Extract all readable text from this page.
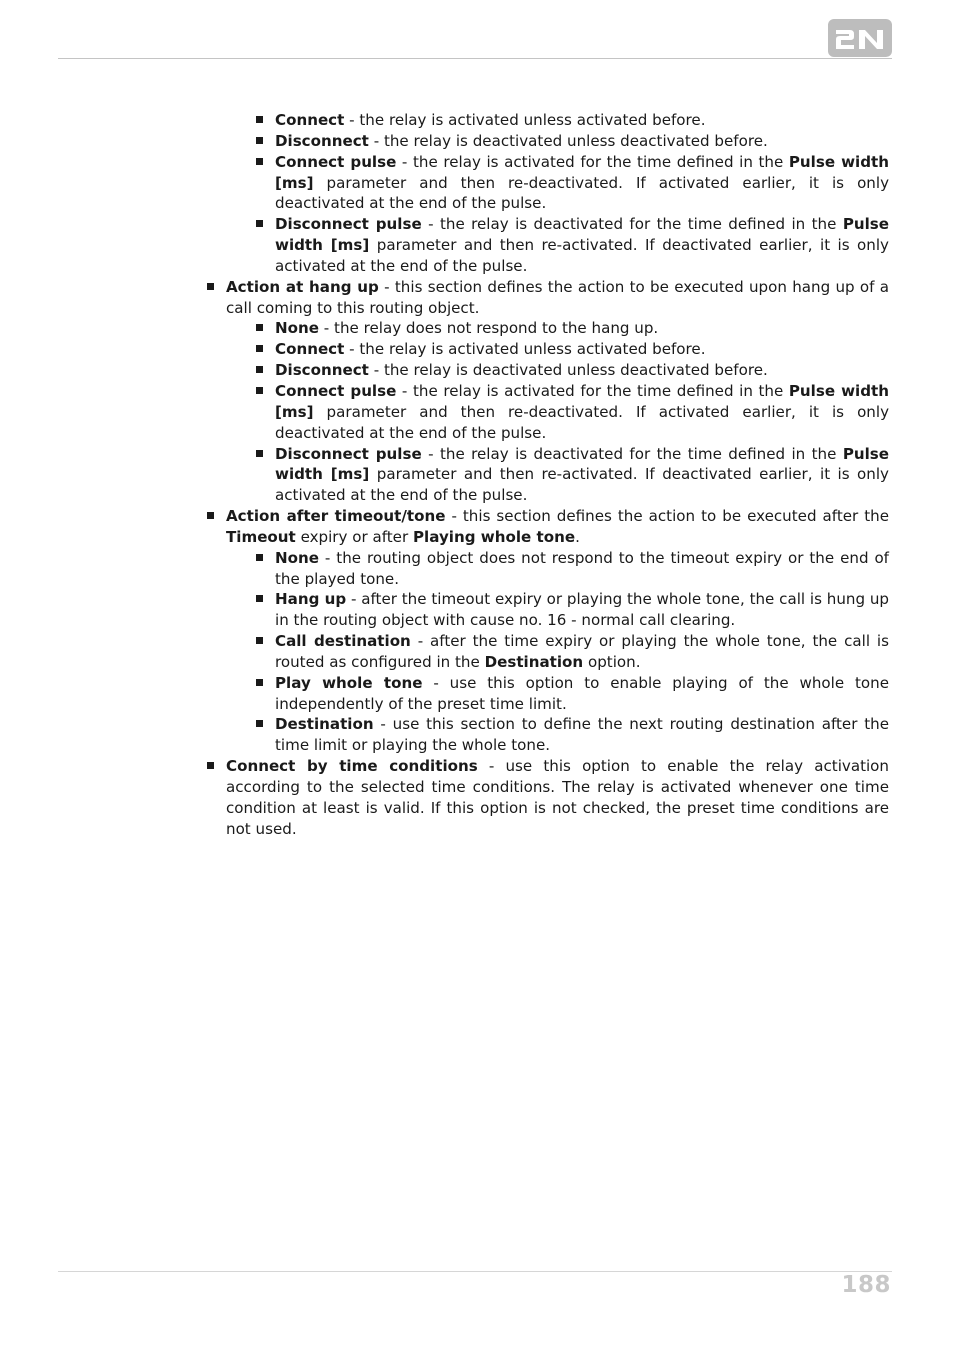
Connect - the relay is activated unless activated before.
Disconnect - the relay is deactivated unless deactivated before.
Connect pulse - the relay is activated for the time defined in the Pulse width [ms] parameter and then re-deactivated. If activated earlier, it is only deactivated at the end of the pulse.
Disconnect pulse - the relay is deactivated for the time defined in the Pulse width [ms] parameter and then re-activated. If deactivated earlier, it is only activated at the end of the pulse.
Action at hang up - this section defines the action to be executed upon hang up of a call coming to this routing object.
None - the relay does not respond to the hang up.
Connect - the relay is activated unless activated before.
Disconnect - the relay is deactivated unless deactivated before.
Connect pulse - the relay is activated for the time defined in the Pulse width [ms] parameter and then re-deactivated. If activated earlier, it is only deactivated at the end of the pulse.
Disconnect pulse - the relay is deactivated for the time defined in the Pulse width [ms] parameter and then re-activated. If deactivated earlier, it is only activated at the end of the pulse.
Action after timeout/tone - this section defines the action to be executed after the Timeout expiry or after Playing whole tone.
None - the routing object does not respond to the timeout expiry or the end of the played tone.
Hang up - after the timeout expiry or playing the whole tone, the call is hung up in the routing object with cause no. 16 - normal call clearing.
Call destination - after the time expiry or playing the whole tone, the call is routed as configured in the Destination option.
Play whole tone - use this option to enable playing of the whole tone independently of the preset time limit.
Destination - use this section to define the next routing destination after the time limit or playing the whole tone.
Connect by time conditions - use this option to enable the relay activation according to the selected time conditions. The relay is activated whenever one time condition at least is valid. If this option is not checked, the preset time conditions are not used.
188
